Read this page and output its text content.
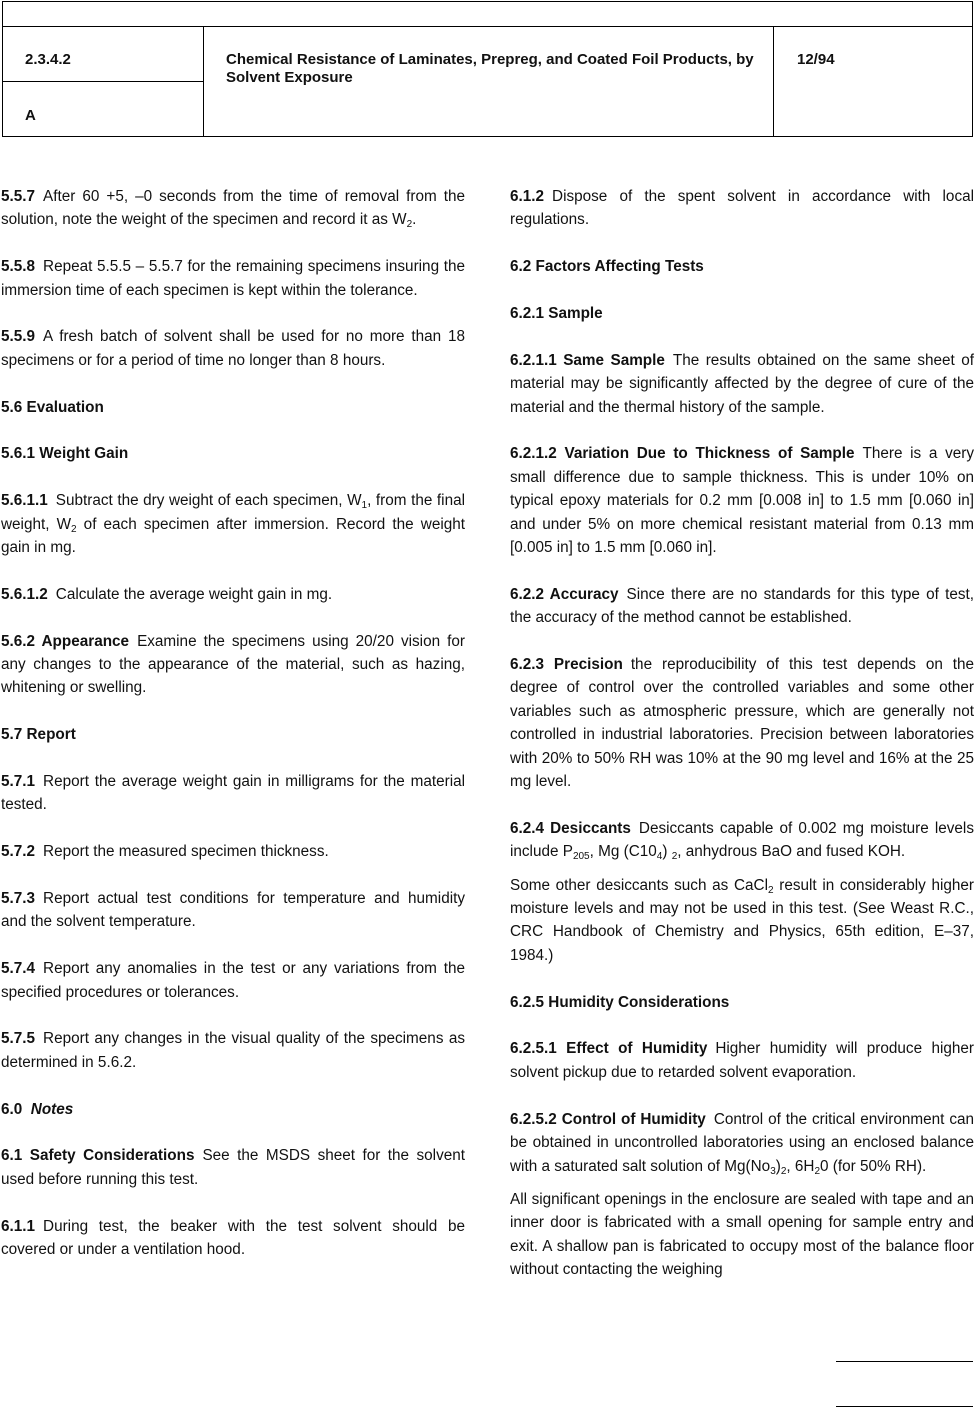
2.3.4.2
A
Chemical Resistance of Laminates, Prepreg, and Coated Foil Products, by Solvent Exposure
12/94

5.5.7 After 60 +5, –0 seconds from the time of removal from the solution, note the weight of the specimen and record it as $W_2$.

5.5.8 Repeat 5.5.5 – 5.5.7 for the remaining specimens insuring the immersion time of each specimen is kept within the tolerance.

5.5.9 A fresh batch of solvent shall be used for no more than 18 specimens or for a period of time no longer than 8 hours.

5.6 Evaluation
5.6.1 Weight Gain

5.6.1.1 Subtract the dry weight of each specimen, $W_1$, from the final weight, $W_2$ of each specimen after immersion. Record the weight gain in mg.

5.6.1.2 Calculate the average weight gain in mg.

5.6.2 Appearance Examine the specimens using 20/20 vision for any changes to the appearance of the material, such as hazing, whitening or swelling.

5.7 Report

5.7.1 Report the average weight gain in milligrams for the material tested.

5.7.2 Report the measured specimen thickness.

5.7.3 Report actual test conditions for temperature and humidity and the solvent temperature.

5.7.4 Report any anomalies in the test or any variations from the specified procedures or tolerances.

5.7.5 Report any changes in the visual quality of the specimens as determined in 5.6.2.

6.0 Notes

6.1 Safety Considerations See the MSDS sheet for the solvent used before running this test.

6.1.1 During test, the beaker with the test solvent should be covered or under a ventilation hood.

6.1.2 Dispose of the spent solvent in accordance with local regulations.

6.2 Factors Affecting Tests
6.2.1 Sample

6.2.1.1 Same Sample The results obtained on the same sheet of material may be significantly affected by the degree of cure of the material and the thermal history of the sample.

6.2.1.2 Variation Due to Thickness of Sample There is a very small difference due to sample thickness. This is under 10% on typical epoxy materials for 0.2 mm [0.008 in] to 1.5 mm [0.060 in] and under 5% on more chemical resistant material from 0.13 mm [0.005 in] to 1.5 mm [0.060 in].

6.2.2 Accuracy Since there are no standards for this type of test, the accuracy of the method cannot be established.

6.2.3 Precision the reproducibility of this test depends on the degree of control over the controlled variables and some other variables such as atmospheric pressure, which are generally not controlled in industrial laboratories. Precision between laboratories with 20% to 50% RH was 10% at the 90 mg level and 16% at the 25 mg level.

6.2.4 Desiccants Desiccants capable of 0.002 mg moisture levels include $P_{205}$, Mg $(C10_4)$ $_2$, anhydrous BaO and fused KOH.

Some other desiccants such as CaCl$_2$ result in considerably higher moisture levels and may not be used in this test. (See Weast R.C., CRC Handbook of Chemistry and Physics, 65th edition, E–37, 1984.)

6.2.5 Humidity Considerations

6.2.5.1 Effect of Humidity Higher humidity will produce higher solvent pickup due to retarded solvent evaporation.

6.2.5.2 Control of Humidity Control of the critical environment can be obtained in uncontrolled laboratories using an enclosed balance with a saturated salt solution of $Mg(No_3)_2$, $6H_20$ (for 50% RH).

All significant openings in the enclosure are sealed with tape and an inner door is fabricated with a small opening for sample entry and exit. A shallow pan is fabricated to occupy most of the balance floor without contacting the weighing
